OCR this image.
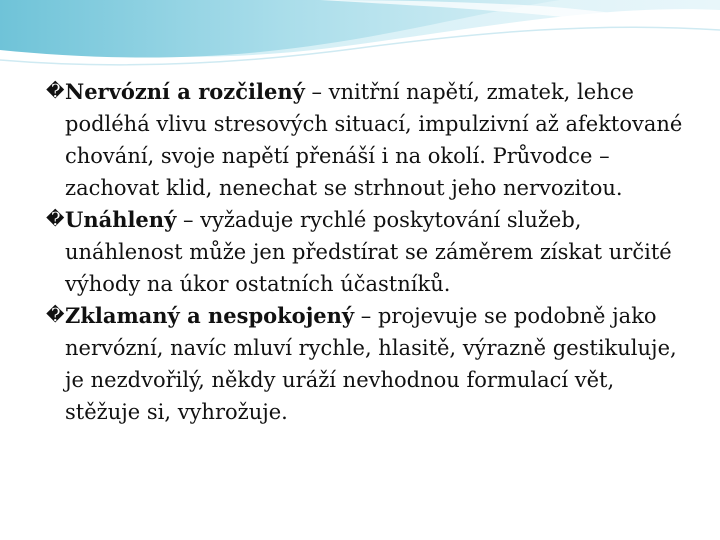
� Nervózní a rozčilený – vnitřní napětí, zmatek, lehce podléhá vlivu stresových situací, impulzivní až afektované chování, svoje napětí přenáší i na okolí. Průvodce – zachovat klid, nenechat se strhnout jeho nervozitou.

� Unáhlený – vyžaduje rychlé poskytování služeb, unáhlenost může jen předstírat se záměrem získat určité výhody na úkor ostatních účastníků.

� Zklamaný a nespokojený – projevuje se podobně jako nervózní, navíc mluví rychle, hlasitě, výrazně gestikuluje, je nezdvořilý, někdy uráží nevhodnou formulací vět, stěžuje si, vyhrožuje.
